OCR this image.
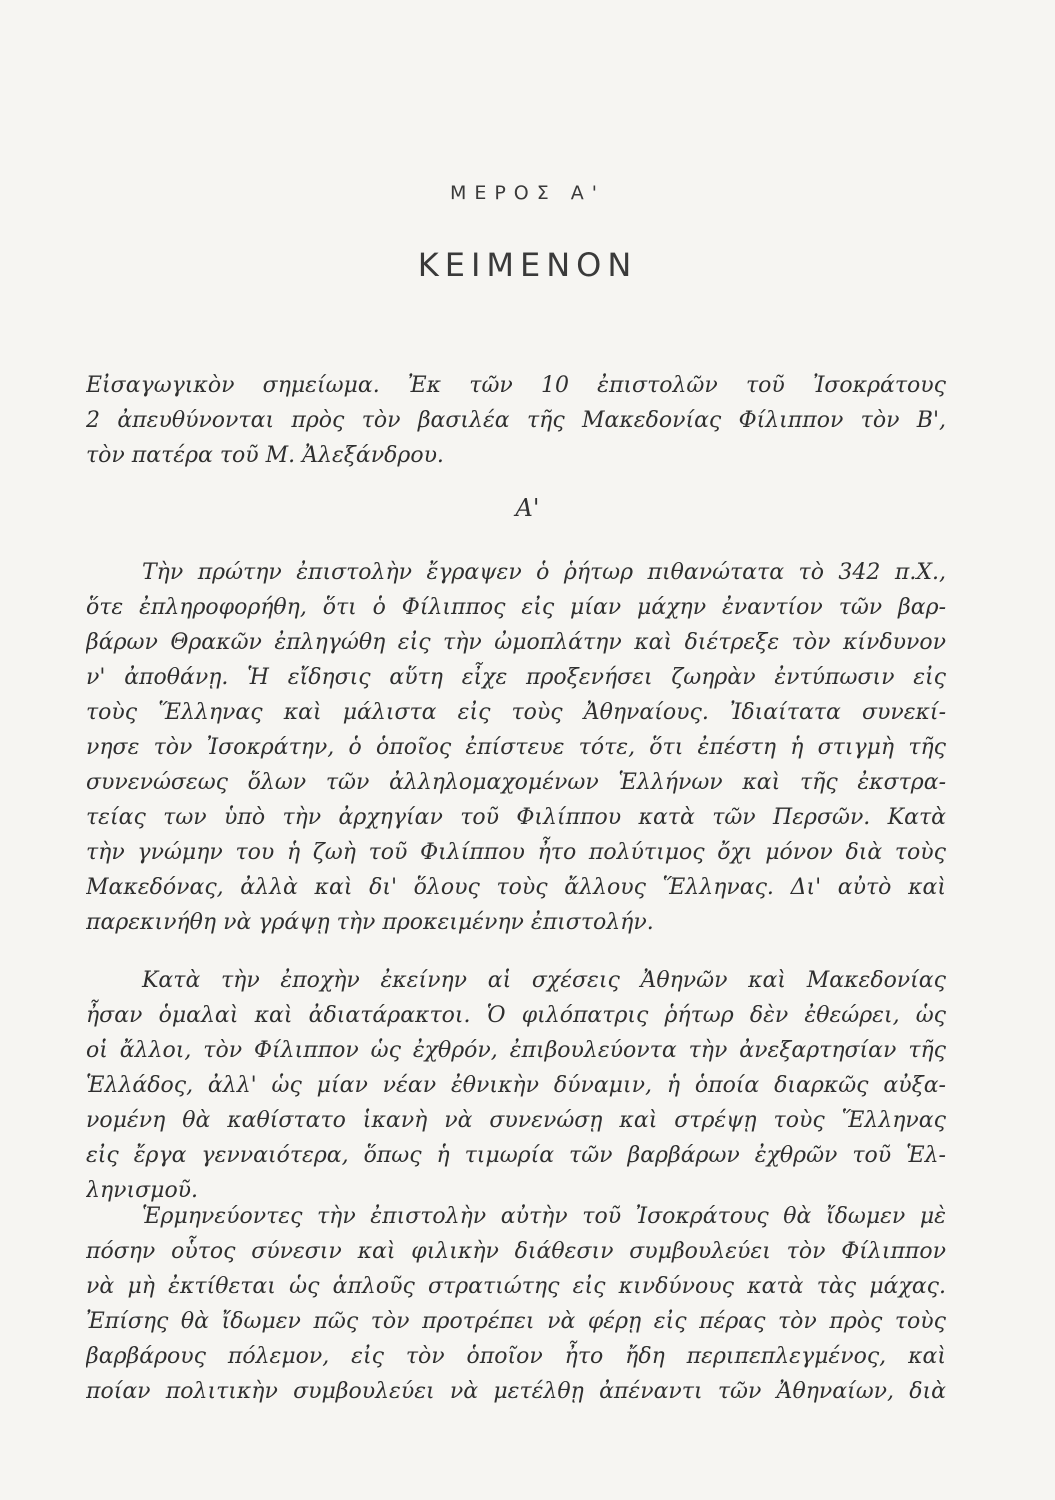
ΜΕΡΟΣ Α'
ΚΕΙΜΕΝΟΝ
Εἰσαγωγικὸν σημείωμα. Ἐκ τῶν 10 ἐπιστολῶν τοῦ Ἰσοκράτους
2 ἀπευθύνονται πρὸς τὸν βασιλέα τῆς Μακεδονίας Φίλιππον τὸν Β',
τὸν πατέρα τοῦ Μ. Ἀλεξάνδρου.
Α'
Τὴν πρώτην ἐπιστολὴν ἔγραψεν ὁ ῥήτωρ πιθανώτατα τὸ 342 π.Χ.,
ὅτε ἐπληροφορήθη, ὅτι ὁ Φίλιππος εἰς μίαν μάχην ἐναντίον τῶν βαρ-
βάρων Θρακῶν ἐπληγώθη εἰς τὴν ὠμοπλάτην καὶ διέτρεξε τὸν κίνδυνον
ν' ἀποθάνῃ. Ἡ εἴδησις αὕτη εἶχε προξενήσει ζωηρὰν ἐντύπωσιν εἰς
τοὺς Ἕλληνας καὶ μάλιστα εἰς τοὺς Ἀθηναίους. Ἰδιαίτατα συνεκί-
νησε τὸν Ἰσοκράτην, ὁ ὁποῖος ἐπίστευε τότε, ὅτι ἐπέστη ἡ στιγμὴ τῆς
συνενώσεως ὅλων τῶν ἀλληλομαχομένων Ἑλλήνων καὶ τῆς ἐκστρα-
τείας των ὑπὸ τὴν ἀρχηγίαν τοῦ Φιλίππου κατὰ τῶν Περσῶν. Κατὰ
τὴν γνώμην του ἡ ζωὴ τοῦ Φιλίππου ἦτο πολύτιμος ὄχι μόνον διὰ τοὺς
Μακεδόνας, ἀλλὰ καὶ δι' ὅλους τοὺς ἄλλους Ἕλληνας. Δι' αὐτὸ καὶ
παρεκινήθη νὰ γράψῃ τὴν προκειμένην ἐπιστολήν.
Κατὰ τὴν ἐποχὴν ἐκείνην αἱ σχέσεις Ἀθηνῶν καὶ Μακεδονίας
ἦσαν ὁμαλαὶ καὶ ἀδιατάρακτοι. Ὁ φιλόπατρις ῥήτωρ δὲν ἐθεώρει, ὡς
οἱ ἄλλοι, τὸν Φίλιππον ὡς ἐχθρόν, ἐπιβουλεύοντα τὴν ἀνεξαρτησίαν τῆς
Ἑλλάδος, ἀλλ' ὡς μίαν νέαν ἐθνικὴν δύναμιν, ἡ ὁποία διαρκῶς αὐξα-
νομένη θὰ καθίστατο ἱκανὴ νὰ συνενώσῃ καὶ στρέψῃ τοὺς Ἕλληνας
εἰς ἔργα γενναιότερα, ὅπως ἡ τιμωρία τῶν βαρβάρων ἐχθρῶν τοῦ Ἑλ-
ληνισμοῦ.
Ἑρμηνεύοντες τὴν ἐπιστολὴν αὐτὴν τοῦ Ἰσοκράτους θὰ ἴδωμεν μὲ
πόσην οὗτος σύνεσιν καὶ φιλικὴν διάθεσιν συμβουλεύει τὸν Φίλιππον
νὰ μὴ ἐκτίθεται ὡς ἁπλοῦς στρατιώτης εἰς κινδύνους κατὰ τὰς μάχας.
Ἐπίσης θὰ ἴδωμεν πῶς τὸν προτρέπει νὰ φέρῃ εἰς πέρας τὸν πρὸς τοὺς
βαρβάρους πόλεμον, εἰς τὸν ὁποῖον ἦτο ἤδη περιπεπλεγμένος, καὶ
ποίαν πολιτικὴν συμβουλεύει νὰ μετέλθῃ ἀπέναντι τῶν Ἀθηναίων, διὰ
